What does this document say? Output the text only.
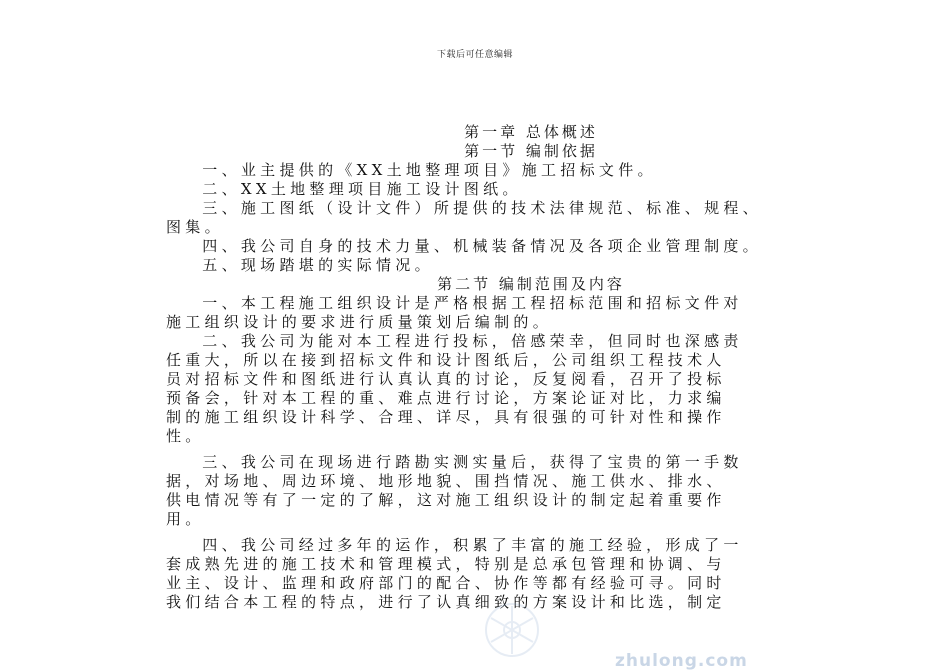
下载后可任意编辑
第一章 总体概述
第一节 编制依据
一、业主提供的《XX土地整理项目》施工招标文件。
二、XX土地整理项目施工设计图纸。
三、施工图纸（设计文件）所提供的技术法律规范、标准、规程、
图集。
四、我公司自身的技术力量、机械装备情况及各项企业管理制度。
五、现场踏堪的实际情况。
第二节 编制范围及内容
一、本工程施工组织设计是严格根据工程招标范围和招标文件对
施工组织设计的要求进行质量策划后编制的。
二、我公司为能对本工程进行投标，倍感荣幸，但同时也深感责
任重大，所以在接到招标文件和设计图纸后，公司组织工程技术人
员对招标文件和图纸进行认真认真的讨论，反复阅看，召开了投标
预备会，针对本工程的重、难点进行讨论，方案论证对比，力求编
制的施工组织设计科学、合理、详尽，具有很强的可针对性和操作
性。
三、我公司在现场进行踏勘实测实量后，获得了宝贵的第一手数
据，对场地、周边环境、地形地貌、围挡情况、施工供水、排水、
供电情况等有了一定的了解，这对施工组织设计的制定起着重要作
用。
四、我公司经过多年的运作，积累了丰富的施工经验，形成了一
套成熟先进的施工技术和管理模式，特别是总承包管理和协调、与
业主、设计、监理和政府部门的配合、协作等都有经验可寻。同时
我们结合本工程的特点，进行了认真细致的方案设计和比选，制定
zhulong.com
